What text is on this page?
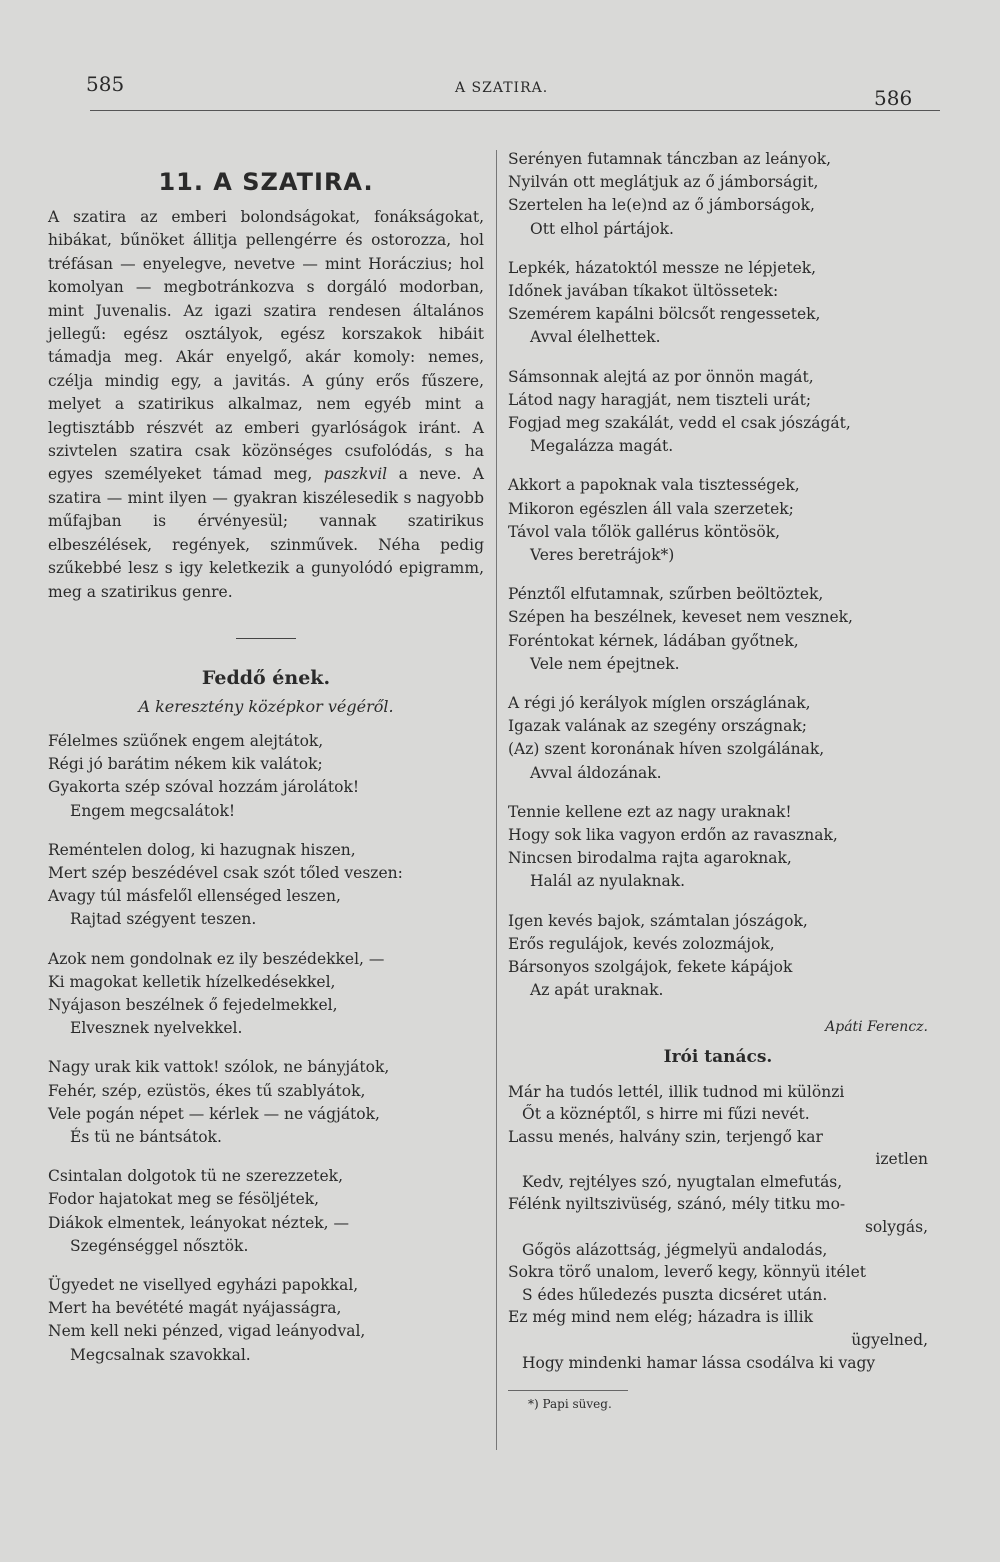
585	A SZATIRA.	586
11. A SZATIRA.

A szatira az emberi bolondságokat, fonákságokat, hibákat, bűnöket állitja pellengérre és ostorozza, hol tréfásan — enyelegve, nevetve — mint Horáczius; hol komolyan — megbotránkozva s dorgáló modorban, mint Juvenalis. Az igazi szatira rendesen általános jellegű: egész osztályok, egész korszakok hibáit támadja meg. Akár enyelgő, akár komoly: nemes, czélja mindig egy, a javitás. A gúny erős fűszere, melyet a szatirikus alkalmaz, nem egyéb mint a legtisztább részvét az emberi gyarlóságok iránt. A szivtelen szatira csak közönséges csufolódás, s ha egyes személyeket támad meg, paszkvil a neve. A szatira — mint ilyen — gyakran kiszélesedik s nagyobb műfajban is érvényesül; vannak szatirikus elbeszélések, regények, szinművek. Néha pedig szűkebbé lesz s igy keletkezik a gunyolódó epigramm, meg a szatirikus genre.

Feddő ének.
A keresztény középkor végéről.
Félelmes szüőnek engem alejtátok,
Régi jó barátim nékem kik valátok;
Gyakorta szép szóval hozzám járolátok!
Engem megcsalátok!
Reméntelen dolog, ki hazugnak hiszen,
Mert szép beszédével csak szót tőled veszen:
Avagy túl másfelől ellenséged leszen,
Rajtad szégyent teszen.
Azok nem gondolnak ez ily beszédekkel, —
Ki magokat kelletik hízelkedésekkel,
Nyájason beszélnek ő fejedelmekkel,
Elvesznek nyelvekkel.
Nagy urak kik vattok! szólok, ne bányjátok,
Fehér, szép, ezüstös, ékes tű szablyátok,
Vele pogán népet — kérlek — ne vágjátok,
És tü ne bántsátok.
Csintalan dolgotok tü ne szerezzetek,
Fodor hajatokat meg se fésöljétek,
Diákok elmentek, leányokat néztek, —
Szegénséggel nősztök.
Ügyedet ne visellyed egyházi papokkal,
Mert ha bevétété magát nyájasságra,
Nem kell neki pénzed, vigad leányodval,
Megcsalnak szavokkal.
Serényen futamnak tánczban az leányok,
Nyilván ott meglátjuk az ő jámborságit,
Szertelen ha le(e)nd az ő jámborságok,
Ott elhol pártájok.
Lepkék, házatoktól messze ne lépjetek,
Időnek javában tíkakot ültössetek:
Szemérem kapálni bölcsőt rengessetek,
Avval élelhettek.
Sámsonnak alejtá az por önnön magát,
Látod nagy haragját, nem tiszteli urát;
Fogjad meg szakálát, vedd el csak jószágát,
Megalázza magát.
Akkort a papoknak vala tisztességek,
Mikoron egészlen áll vala szerzetek;
Távol vala tőlök gallérus köntösök,
Veres beretrájok*)
Pénztől elfutamnak, szűrben beöltöztek,
Szépen ha beszélnek, keveset nem vesznek,
Foréntokat kérnek, ládában győtnek,
Vele nem épejtnek.
A régi jó kerályok míglen országlának,
Igazak valának az szegény országnak;
(Az) szent koronának híven szolgálának,
Avval áldozának.
Tennie kellene ezt az nagy uraknak!
Hogy sok lika vagyon erdőn az ravasznak,
Nincsen birodalma rajta agaroknak,
Halál az nyulaknak.
Igen kevés bajok, számtalan jószágok,
Erős regulájok, kevés zolozmájok,
Bársonyos szolgájok, fekete kápájok
Az apát uraknak.
Apáti Ferencz.
Irói tanács.
Már ha tudós lettél, illik tudnod mi különzi
Őt a köznéptől, s hirre mi fűzi nevét.
Lassu menés, halvány szin, terjengő kar
izetlen
Kedv, rejtélyes szó, nyugtalan elmefutás,
Félénk nyiltszivüség, szánó, mély titku mo-
solygás,
Gőgös alázottság, jégmelyü andalodás,
Sokra törő unalom, leverő kegy, könnyü itélet
S édes hűledezés puszta dicséret után.
Ez még mind nem elég; házadra is illik
ügyelned,
Hogy mindenki hamar lássa csodálva ki vagy
*) Papi süveg.
